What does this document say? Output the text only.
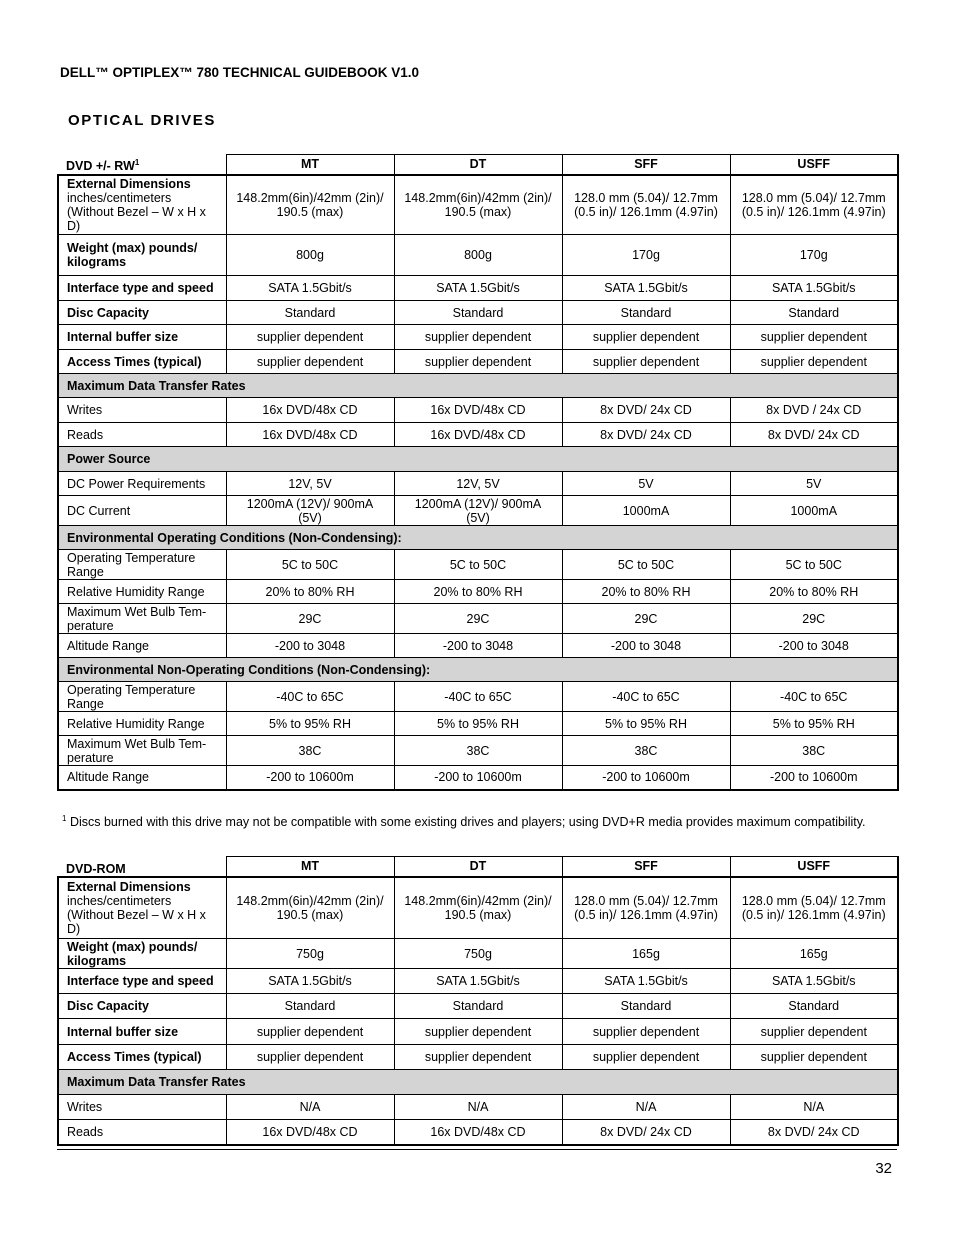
DELL™ OPTIPLEX™ 780 TECHNICAL GUIDEBOOK V1.0
OPTICAL DRIVES
DVD +/- $RW^1$	MT	DT	SFF	USFF

External Dimensions
inches/centimeters (Without Bezel – W x H x D)	148.2mm(6in)/42mm (2in)/ 190.5 (max)	148.2mm(6in)/42mm (2in)/ 190.5 (max)	128.0 mm (5.04)/ 12.7mm (0.5 in)/ 126.1mm (4.97in)	128.0 mm (5.04)/ 12.7mm (0.5 in)/ 126.1mm (4.97in)
Weight (max) pounds/ kilograms	800g	800g	170g	170g
Interface type and speed	SATA 1.5Gbit/s	SATA 1.5Gbit/s	SATA 1.5Gbit/s	SATA 1.5Gbit/s
Disc Capacity	Standard	Standard	Standard	Standard
Internal buffer size	supplier dependent	supplier dependent	supplier dependent	supplier dependent
Access Times (typical)	supplier dependent	supplier dependent	supplier dependent	supplier dependent
Maximum Data Transfer Rates				
Writes	16x DVD/48x CD	16x DVD/48x CD	8x DVD/ 24x CD	8x DVD / 24x CD
Reads	16x DVD/48x CD	16x DVD/48x CD	8x DVD/ 24x CD	8x DVD/ 24x CD
Power Source				
DC Power Requirements	12V, 5V	12V, 5V	5V	5V
DC Current	1200mA (12V)/ 900mA (5V)	1200mA (12V)/ 900mA (5V)	1000mA	1000mA
Environmental Operating Conditions (Non-Condensing):				
Operating Temperature Range	5C to 50C	5C to 50C	5C to 50C	5C to 50C
Relative Humidity Range	20% to 80% RH	20% to 80% RH	20% to 80% RH	20% to 80% RH
Maximum Wet Bulb Tem-perature	29C	29C	29C	29C
Altitude Range	-200 to 3048	-200 to 3048	-200 to 3048	-200 to 3048
Environmental Non-Operating Conditions (Non-Condensing):				
Operating Temperature Range	-40C to 65C	-40C to 65C	-40C to 65C	-40C to 65C
Relative Humidity Range	5% to 95% RH	5% to 95% RH	5% to 95% RH	5% to 95% RH
Maximum Wet Bulb Tem-perature	38C	38C	38C	38C
Altitude Range	-200 to 10600m	-200 to 10600m	-200 to 10600m	-200 to 10600m
$^1$ Discs burned with this drive may not be compatible with some existing drives and players; using DVD+R media provides maximum compatibility.
DVD-ROM	MT	DT	SFF	USFF

External Dimensions
inches/centimeters (Without Bezel – W x H x D)	148.2mm(6in)/42mm (2in)/ 190.5 (max)	148.2mm(6in)/42mm (2in)/ 190.5 (max)	128.0 mm (5.04)/ 12.7mm (0.5 in)/ 126.1mm (4.97in)	128.0 mm (5.04)/ 12.7mm (0.5 in)/ 126.1mm (4.97in)
Weight (max) pounds/ kilograms	750g	750g	165g	165g
Interface type and speed	SATA 1.5Gbit/s	SATA 1.5Gbit/s	SATA 1.5Gbit/s	SATA 1.5Gbit/s
Disc Capacity	Standard	Standard	Standard	Standard
Internal buffer size	supplier dependent	supplier dependent	supplier dependent	supplier dependent
Access Times (typical)	supplier dependent	supplier dependent	supplier dependent	supplier dependent
Maximum Data Transfer Rates				
Writes	N/A	N/A	N/A	N/A
Reads	16x DVD/48x CD	16x DVD/48x CD	8x DVD/ 24x CD	8x DVD/ 24x CD
32
